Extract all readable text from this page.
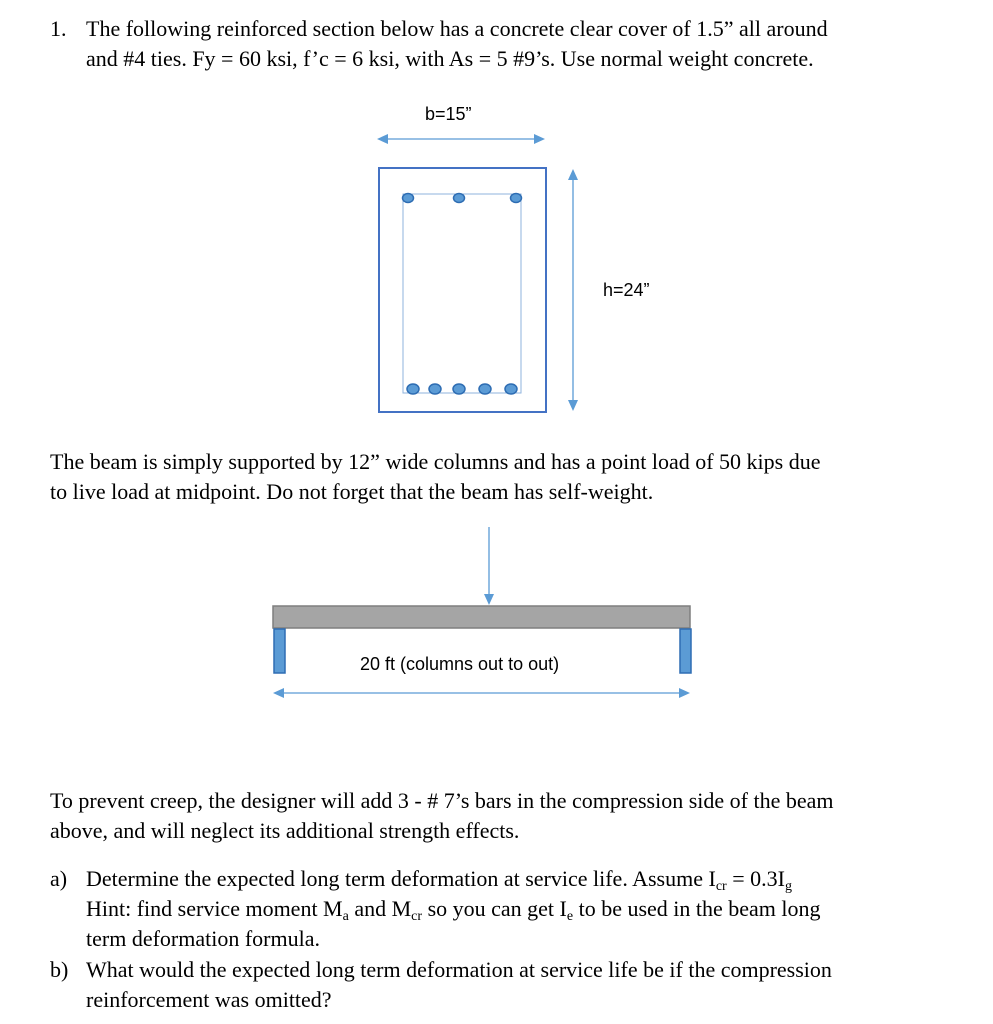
1. The following reinforced section below has a concrete clear cover of 1.5” all around
and #4 ties. Fy = 60 ksi, f’c = 6 ksi, with As = 5 #9’s. Use normal weight concrete.
b=15”
h=24”
The beam is simply supported by 12” wide columns and has a point load of 50 kips due
to live load at midpoint. Do not forget that the beam has self-weight.
20 ft (columns out to out)
To prevent creep, the designer will add 3 - # 7’s bars in the compression side of the beam
above, and will neglect its additional strength effects.
a) Determine the expected long term deformation at service life. Assume $I_{cr} = 0.3I_g$
Hint: find service moment $M_a$ and $M_{cr}$ so you can get $I_e$ to be used in the beam long
term deformation formula.
b) What would the expected long term deformation at service life be if the compression
reinforcement was omitted?
